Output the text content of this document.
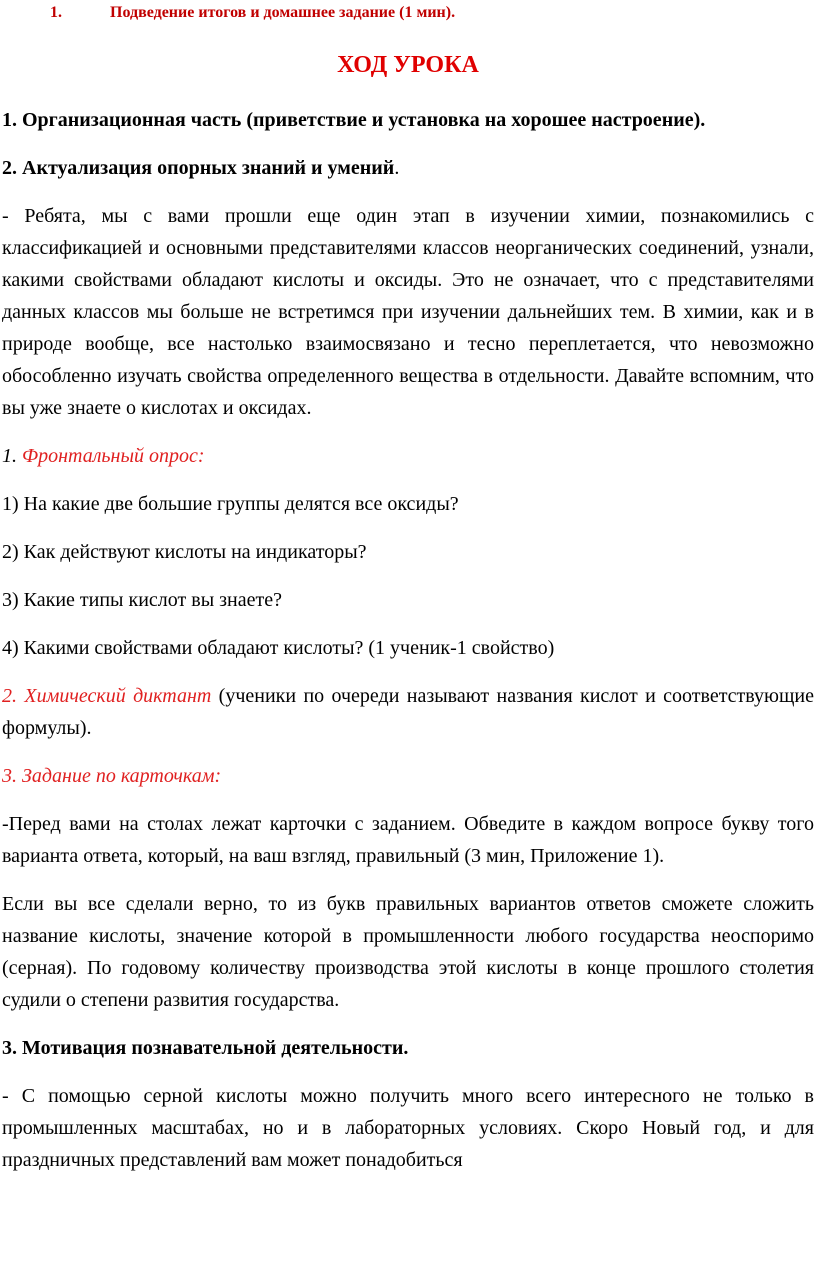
1.	Подведение итогов и домашнее задание (1 мин).
ХОД УРОКА

1. Организационная часть (приветствие и установка на хорошее настроение).

2. Актуализация опорных знаний и умений.

- Ребята, мы с вами прошли еще один этап в изучении химии, познакомились с классификацией и основными представителями классов неорганических соединений, узнали, какими свойствами обладают кислоты и оксиды. Это не означает, что с представителями данных классов мы больше не встретимся при изучении дальнейших тем. В химии, как и в природе вообще, все настолько взаимосвязано и тесно переплетается, что невозможно обособленно изучать свойства определенного вещества в отдельности. Давайте вспомним, что вы уже знаете о кислотах и оксидах.

1. Фронтальный опрос:

1) На какие две большие группы делятся все оксиды?

2) Как действуют кислоты на индикаторы?

3) Какие типы кислот вы знаете?

4) Какими свойствами обладают кислоты? (1 ученик-1 свойство)

2. Химический диктант (ученики по очереди называют названия кислот и соответствующие формулы).

3. Задание по карточкам:

-Перед вами на столах лежат карточки с заданием. Обведите в каждом вопросе букву того варианта ответа, который, на ваш взгляд, правильный (3 мин, Приложение 1).

Если вы все сделали верно, то из букв правильных вариантов ответов сможете сложить название кислоты, значение которой в промышленности любого государства неоспоримо (серная). По годовому количеству производства этой кислоты в конце прошлого столетия судили о степени развития государства.

3. Мотивация познавательной деятельности.

- С помощью серной кислоты можно получить много всего интересного не только в промышленных масштабах, но и в лабораторных условиях. Скоро Новый год, и для праздничных представлений вам может понадобиться
